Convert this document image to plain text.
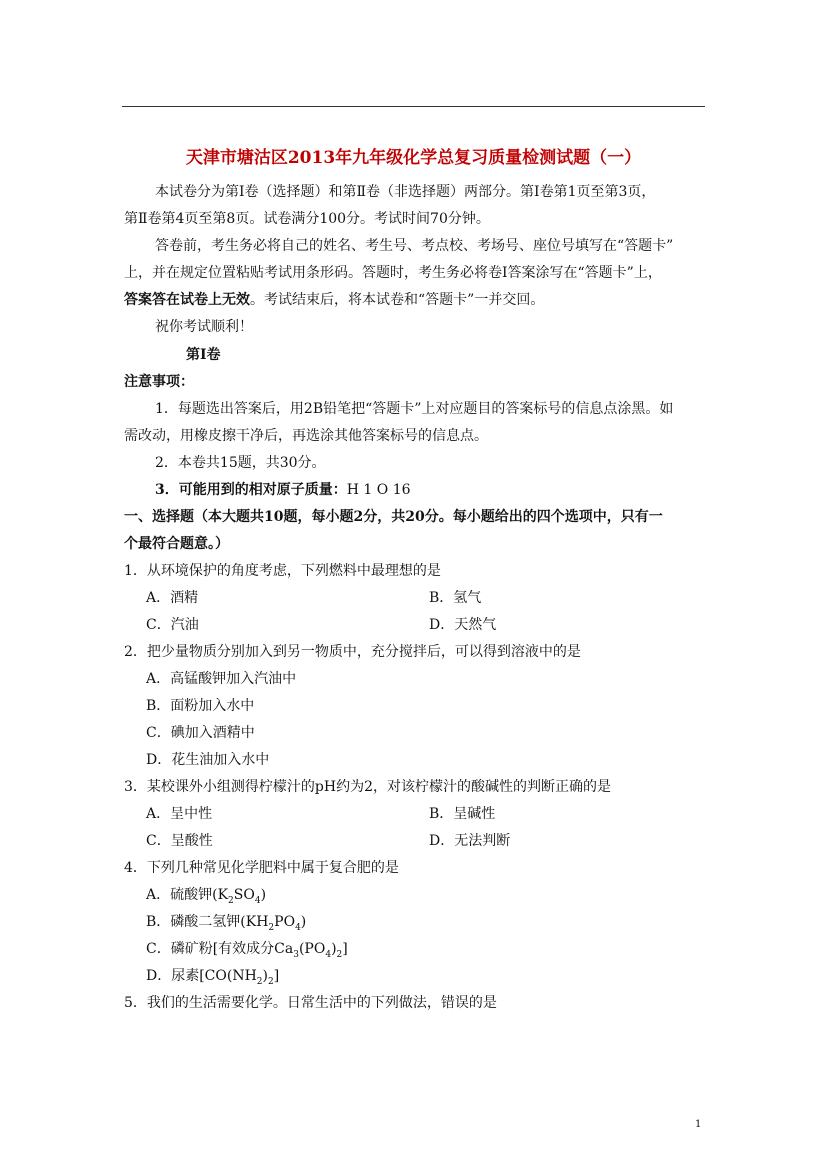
天津市塘沽区2013年九年级化学总复习质量检测试题（一）
本试卷分为第Ⅰ卷（选择题）和第Ⅱ卷（非选择题）两部分。第Ⅰ卷第1页至第3页，
第Ⅱ卷第4页至第8页。试卷满分100分。考试时间70分钟。
答卷前，考生务必将自己的姓名、考生号、考点校、考场号、座位号填写在“答题卡”
上，并在规定位置粘贴考试用条形码。答题时，考生务必将卷Ⅰ答案涂写在“答题卡”上，
答案答在试卷上无效。考试结束后，将本试卷和“答题卡”一并交回。
祝你考试顺利！
第Ⅰ卷
注意事项：
1．每题选出答案后，用2B铅笔把“答题卡”上对应题目的答案标号的信息点涂黑。如
需改动，用橡皮擦干净后，再选涂其他答案标号的信息点。
2．本卷共15题，共30分。
3．可能用到的相对原子质量：H 1 O 16
一、选择题（本大题共10题，每小题2分，共20分。每小题给出的四个选项中，只有一
个最符合题意。）
1．从环境保护的角度考虑，下列燃料中最理想的是
A．酒精	B．氢气
C．汽油	D．天然气
2．把少量物质分别加入到另一物质中，充分搅拌后，可以得到溶液中的是
A．高锰酸钾加入汽油中
B．面粉加入水中
C．碘加入酒精中
D．花生油加入水中
3．某校课外小组测得柠檬汁的pH约为2，对该柠檬汁的酸碱性的判断正确的是
A．呈中性	B．呈碱性
C．呈酸性	D．无法判断
4．下列几种常见化学肥料中属于复合肥的是
A．硫酸钾$(K_2SO_4)$
B．磷酸二氢钾$(KH_2PO_4)$
C．磷矿粉[有效成分$Ca_3(PO_4)_2$]
D．尿素$[CO(NH_2)_2]$
5．我们的生活需要化学。日常生活中的下列做法，错误的是
1
